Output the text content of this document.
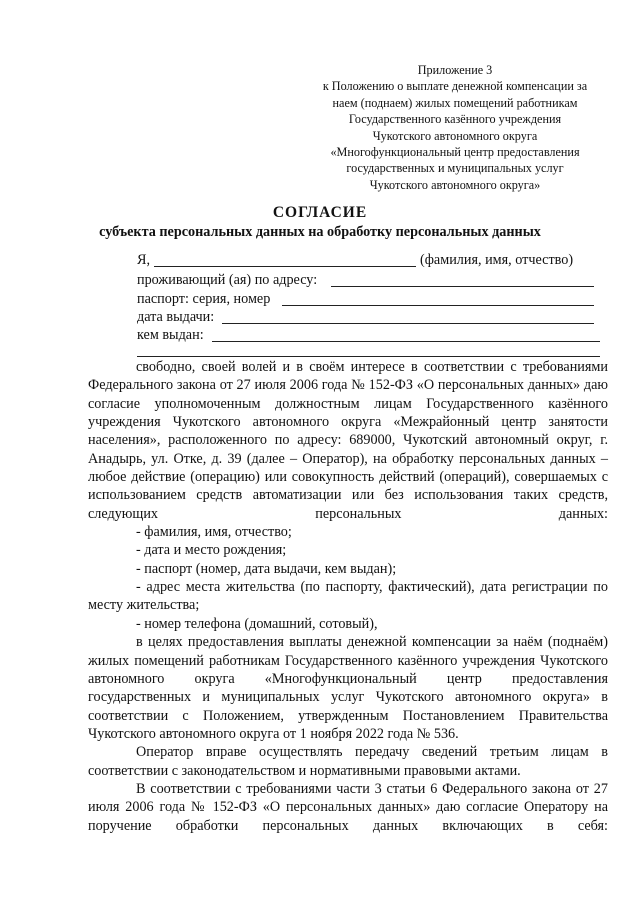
Приложение 3
к Положению о выплате денежной компенсации за
наем (поднаем) жилых помещений работникам
Государственного казённого учреждения
Чукотского автономного округа
«Многофункциональный центр предоставления
государственных и муниципальных услуг
Чукотского автономного округа»
СОГЛАСИЕ
субъекта персональных данных на обработку персональных данных
Я,	(фамилия, имя, отчество)
проживающий (ая) по адресу:
паспорт: серия, номер
дата выдачи:
кем выдан:

свободно, своей волей и в своём интересе в соответствии с требованиями Федерального закона от 27 июля 2006 года № 152-ФЗ «О персональных данных» даю согласие уполномоченным должностным лицам Государственного казённого учреждения Чукотского автономного округа «Межрайонный центр занятости населения», расположенного по адресу: 689000, Чукотский автономный округ, г. Анадырь, ул. Отке, д. 39 (далее – Оператор), на обработку персональных данных – любое действие (операцию) или совокупность действий (операций), совершаемых с использованием средств автоматизации или без использования таких средств, следующих персональных данных:

- фамилия, имя, отчество;

- дата и место рождения;

- паспорт (номер, дата выдачи, кем выдан);

- адрес места жительства (по паспорту, фактический), дата регистрации по месту жительства;

- номер телефона (домашний, сотовый),

в целях предоставления выплаты денежной компенсации за наём (поднаём) жилых помещений работникам Государственного казённого учреждения Чукотского автономного округа «Многофункциональный центр предоставления государственных и муниципальных услуг Чукотского автономного округа» в соответствии с Положением, утвержденным Постановлением Правительства Чукотского автономного округа от 1 ноября 2022 года № 536.

Оператор вправе осуществлять передачу сведений третьим лицам в соответствии с законодательством и нормативными правовыми актами.

В соответствии с требованиями части 3 статьи 6 Федерального закона от 27 июля 2006 года № 152-ФЗ «О персональных данных» даю согласие Оператору на поручение обработки персональных данных включающих в себя:
